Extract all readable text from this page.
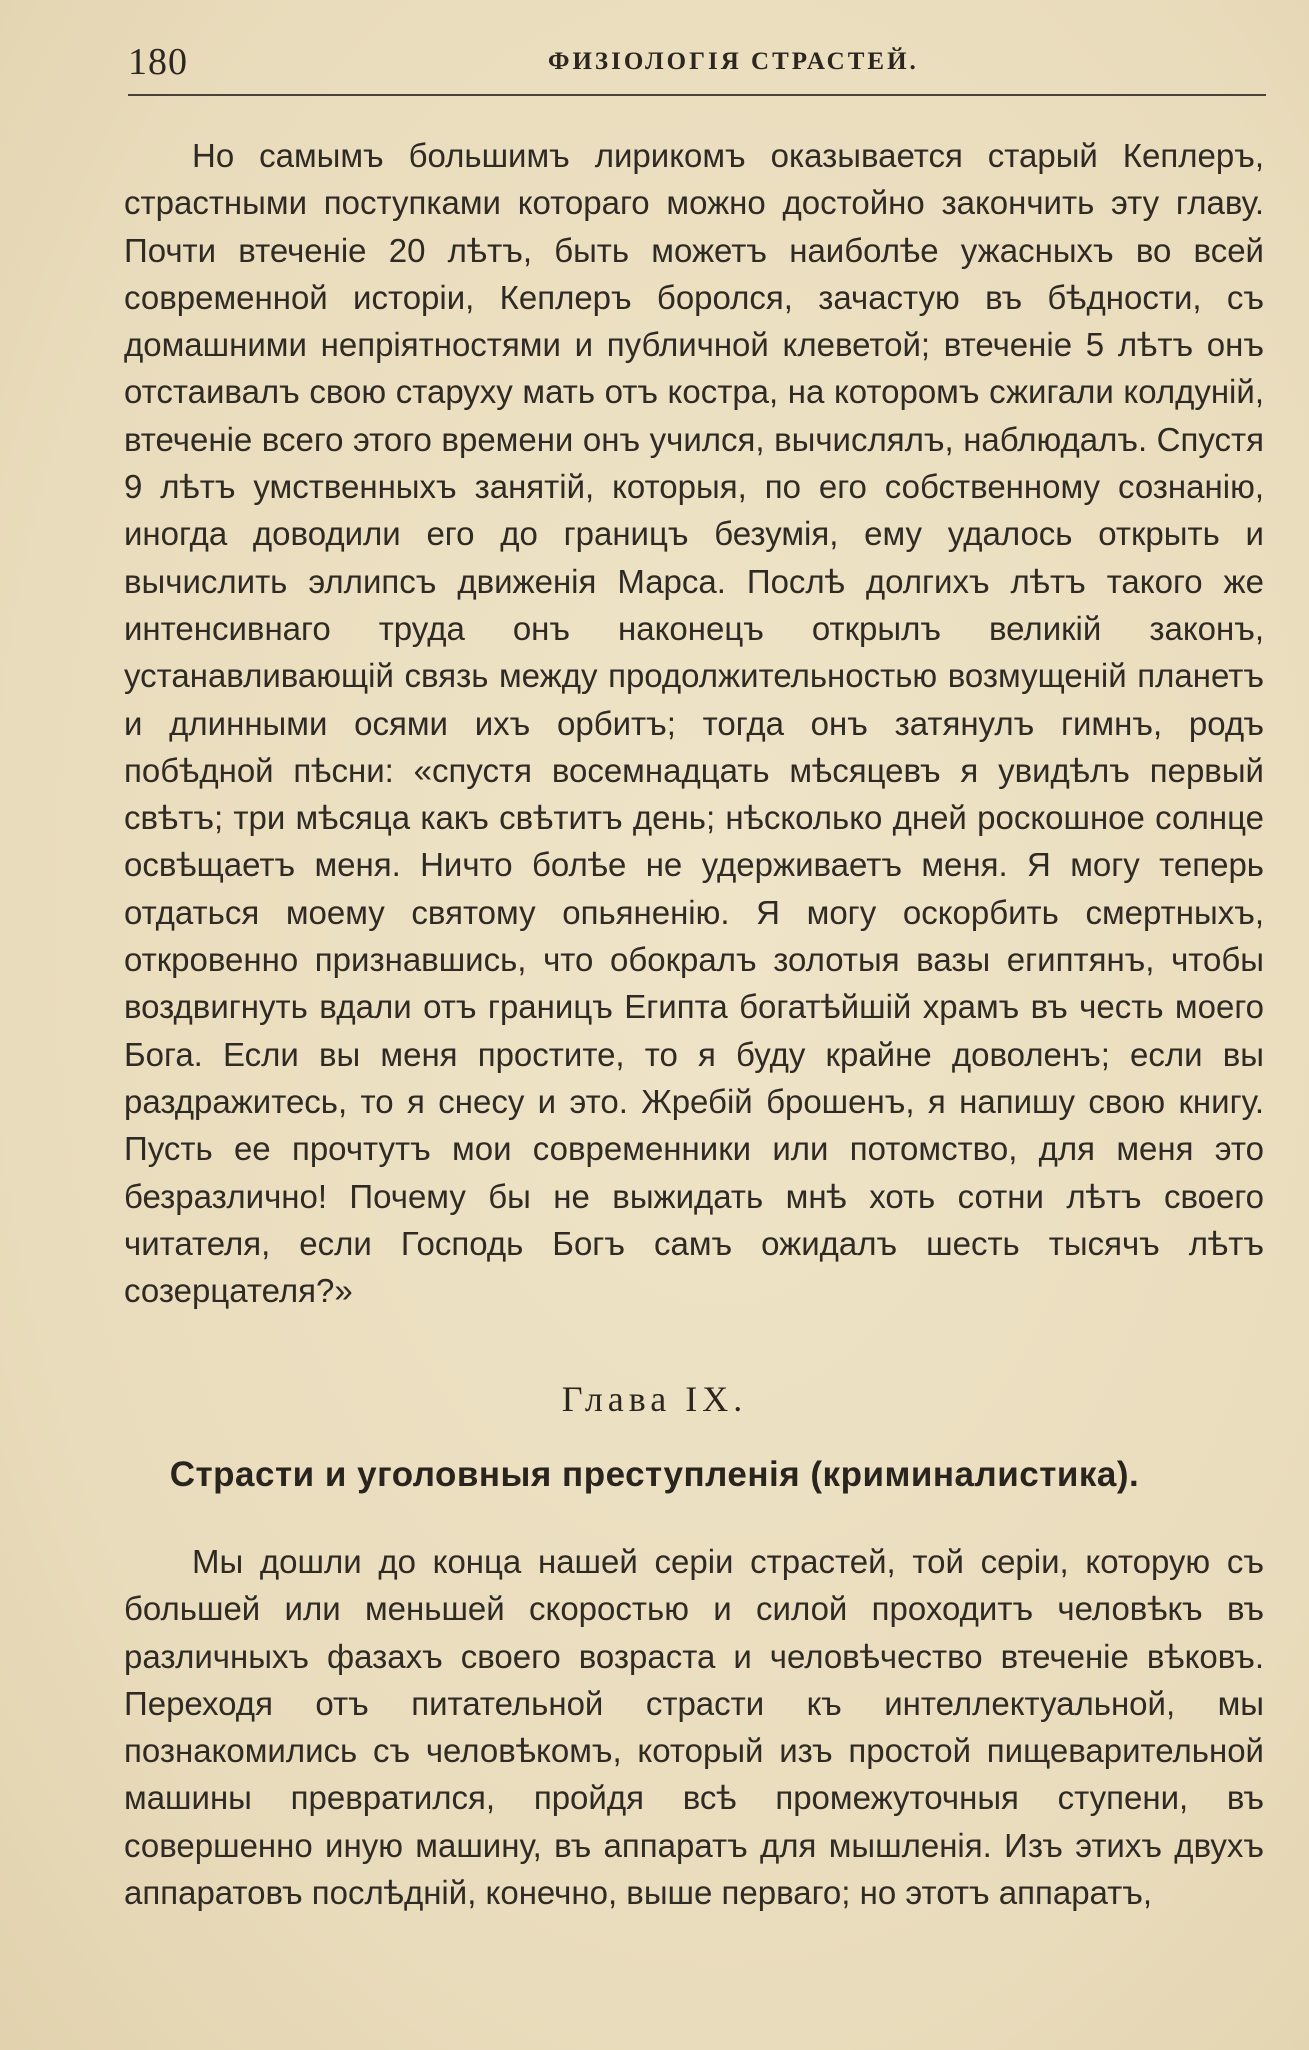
180	ФИЗІОЛОГІЯ СТРАСТЕЙ.

Но самымъ большимъ лирикомъ оказывается старый Кеплеръ, страстными поступками котораго можно достойно закончить эту главу. Почти втеченіе 20 лѣтъ, быть можетъ наиболѣе ужасныхъ во всей современной исторіи, Кеплеръ боролся, зачастую въ бѣдности, съ домашними непріятностями и публичной клеветой; втеченіе 5 лѣтъ онъ отстаивалъ свою старуху мать отъ костра, на которомъ сжигали колдуній, втеченіе всего этого времени онъ учился, вычислялъ, наблюдалъ. Спустя 9 лѣтъ умственныхъ занятій, которыя, по его собственному сознанію, иногда доводили его до границъ безумія, ему удалось открыть и вычислить эллипсъ движенія Марса. Послѣ долгихъ лѣтъ такого же интенсивнаго труда онъ наконецъ открылъ великій законъ, устанавливающій связь между продолжительностью возмущеній планетъ и длинными осями ихъ орбитъ; тогда онъ затянулъ гимнъ, родъ побѣдной пѣсни: «спустя восемнадцать мѣсяцевъ я увидѣлъ первый свѣтъ; три мѣсяца какъ свѣтитъ день; нѣсколько дней роскошное солнце освѣщаетъ меня. Ничто болѣе не удерживаетъ меня. Я могу теперь отдаться моему святому опьяненію. Я могу оскорбить смертныхъ, откровенно признавшись, что обокралъ золотыя вазы египтянъ, чтобы воздвигнуть вдали отъ границъ Египта богатѣйшій храмъ въ честь моего Бога. Если вы меня простите, то я буду крайне доволенъ; если вы раздражитесь, то я снесу и это. Жребій брошенъ, я напишу свою книгу. Пусть ее прочтутъ мои современники или потомство, для меня это безразлично! Почему бы не выжидать мнѣ хоть сотни лѣтъ своего читателя, если Господь Богъ самъ ожидалъ шесть тысячъ лѣтъ созерцателя?»

Глава IX.
Страсти и уголовныя преступленія (криминалистика).

Мы дошли до конца нашей серіи страстей, той серіи, которую съ большей или меньшей скоростью и силой проходитъ человѣкъ въ различныхъ фазахъ своего возраста и человѣчество втеченіе вѣковъ. Переходя отъ питательной страсти къ интеллектуальной, мы познакомились съ человѣкомъ, который изъ простой пищеварительной машины превратился, пройдя всѣ промежуточныя ступени, въ совершенно иную машину, въ аппаратъ для мышленія. Изъ этихъ двухъ аппаратовъ послѣдній, конечно, выше перваго; но этотъ аппаратъ,
